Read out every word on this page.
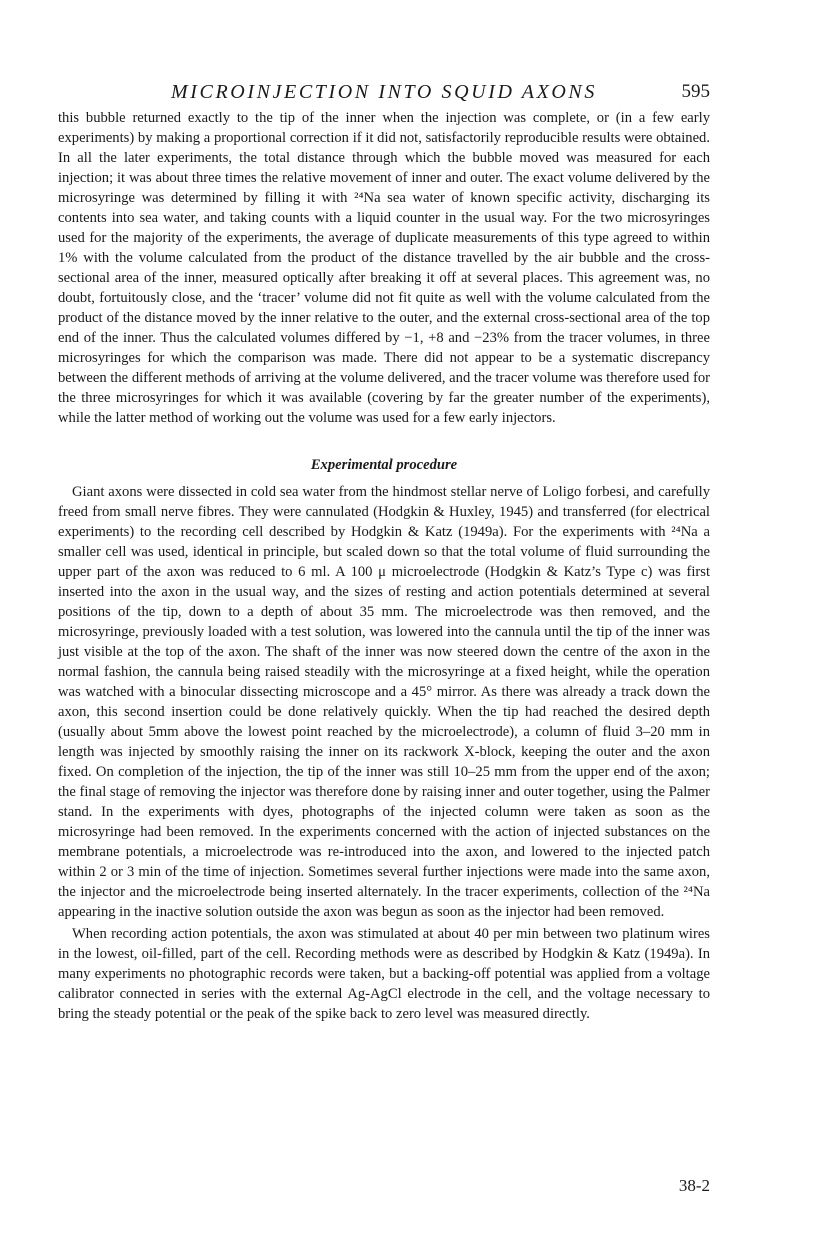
MICROINJECTION INTO SQUID AXONS	595

this bubble returned exactly to the tip of the inner when the injection was complete, or (in a few early experiments) by making a proportional correction if it did not, satisfactorily reproducible results were obtained. In all the later experiments, the total distance through which the bubble moved was measured for each injection; it was about three times the relative movement of inner and outer. The exact volume delivered by the microsyringe was determined by filling it with ²⁴Na sea water of known specific activity, discharging its contents into sea water, and taking counts with a liquid counter in the usual way. For the two microsyringes used for the majority of the experiments, the average of duplicate measurements of this type agreed to within 1% with the volume calculated from the product of the distance travelled by the air bubble and the cross-sectional area of the inner, measured optically after breaking it off at several places. This agreement was, no doubt, fortuitously close, and the ‘tracer’ volume did not fit quite as well with the volume calculated from the product of the distance moved by the inner relative to the outer, and the external cross-sectional area of the top end of the inner. Thus the calculated volumes differed by −1, +8 and −23% from the tracer volumes, in three microsyringes for which the comparison was made. There did not appear to be a systematic discrepancy between the different methods of arriving at the volume delivered, and the tracer volume was therefore used for the three microsyringes for which it was available (covering by far the greater number of the experiments), while the latter method of working out the volume was used for a few early injectors.

Experimental procedure

Giant axons were dissected in cold sea water from the hindmost stellar nerve of Loligo forbesi, and carefully freed from small nerve fibres. They were cannulated (Hodgkin & Huxley, 1945) and transferred (for electrical experiments) to the recording cell described by Hodgkin & Katz (1949a). For the experiments with ²⁴Na a smaller cell was used, identical in principle, but scaled down so that the total volume of fluid surrounding the upper part of the axon was reduced to 6 ml. A 100 μ microelectrode (Hodgkin & Katz’s Type c) was first inserted into the axon in the usual way, and the sizes of resting and action potentials determined at several positions of the tip, down to a depth of about 35 mm. The microelectrode was then removed, and the microsyringe, previously loaded with a test solution, was lowered into the cannula until the tip of the inner was just visible at the top of the axon. The shaft of the inner was now steered down the centre of the axon in the normal fashion, the cannula being raised steadily with the microsyringe at a fixed height, while the operation was watched with a binocular dissecting microscope and a 45° mirror. As there was already a track down the axon, this second insertion could be done relatively quickly. When the tip had reached the desired depth (usually about 5mm above the lowest point reached by the microelectrode), a column of fluid 3–20 mm in length was injected by smoothly raising the inner on its rackwork X-block, keeping the outer and the axon fixed. On completion of the injection, the tip of the inner was still 10–25 mm from the upper end of the axon; the final stage of removing the injector was therefore done by raising inner and outer together, using the Palmer stand. In the experiments with dyes, photographs of the injected column were taken as soon as the microsyringe had been removed. In the experiments concerned with the action of injected substances on the membrane potentials, a microelectrode was re-introduced into the axon, and lowered to the injected patch within 2 or 3 min of the time of injection. Sometimes several further injections were made into the same axon, the injector and the microelectrode being inserted alternately. In the tracer experiments, collection of the ²⁴Na appearing in the inactive solution outside the axon was begun as soon as the injector had been removed.

When recording action potentials, the axon was stimulated at about 40 per min between two platinum wires in the lowest, oil-filled, part of the cell. Recording methods were as described by Hodgkin & Katz (1949a). In many experiments no photographic records were taken, but a backing-off potential was applied from a voltage calibrator connected in series with the external Ag-AgCl electrode in the cell, and the voltage necessary to bring the steady potential or the peak of the spike back to zero level was measured directly.

38-2
